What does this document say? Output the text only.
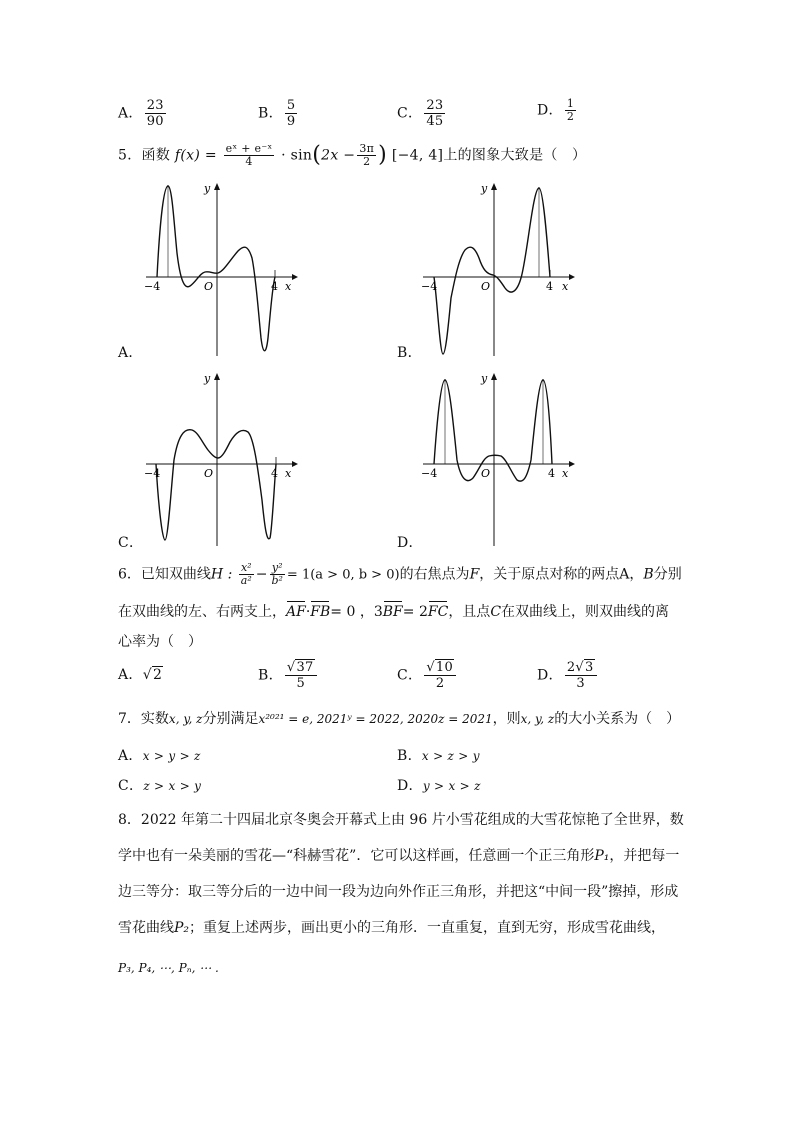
A． $\frac{23}{90}$	B． $\frac{5}{9}$	C． $\frac{23}{45}$	D． $\frac{1}{2}$
5．函数 $f(x) = \frac{\text{eˣ + e⁻ˣ}}{4} \cdot \sin(2x - \frac{3\pi}{2}$ ) [−4, 4]上的图象大致是（　）
−4	O	4 x
y
A．
−4	O	4 x
y
B．
−4	O	4 x
y
C．
−4	O	4 x
y
D．
6．已知双曲线H : $\frac{\text{x²}}{\text{a²}} - \frac{\text{y²}}{\text{b²}} = 1(a > 0$, b > 0)的右焦点为F，关于原点对称的两点A，B分别
在双曲线的左、右两支上，AF·FB= 0 ，3BF= 2FC，且点C在双曲线上，则双曲线的离
心率为（　）
A．√2	B． $\frac{√37}{5}$	C． $\frac{√10}{2}$	D． $\frac{2√3}{3}$
7．实数x, y, z分别满足x²⁰²¹ = e, 2021ʸ = 2022, 2020z = 2021，则x, y, z的大小关系为（　）
A．x > y > z	B．x > z > y
C．z > x > y	D．y > x > z
8．2022 年第二十四届北京冬奥会开幕式上由 96 片小雪花组成的大雪花惊艳了全世界，数
学中也有一朵美丽的雪花—“科赫雪花”．它可以这样画，任意画一个正三角形P₁，并把每一
边三等分：取三等分后的一边中间一段为边向外作正三角形，并把这“中间一段”擦掉，形成
雪花曲线P₂；重复上述两步，画出更小的三角形．一直重复，直到无穷，形成雪花曲线，
P₃, P₄, ⋯, Pₙ, ⋯ .
